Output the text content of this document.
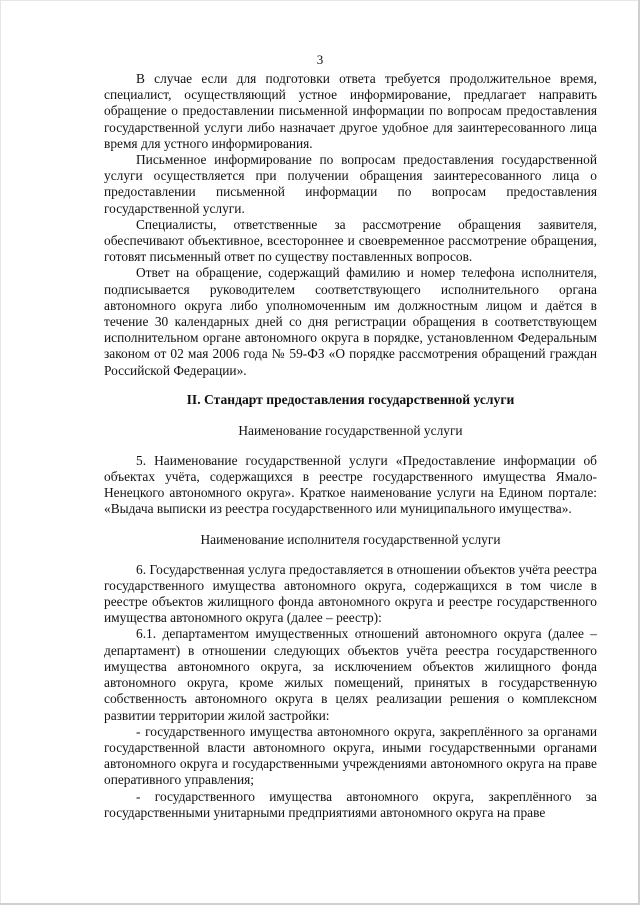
3

В случае если для подготовки ответа требуется продолжительное время, специалист, осуществляющий устное информирование, предлагает направить обращение о предоставлении письменной информации по вопросам предоставления государственной услуги либо назначает другое удобное для заинтересованного лица время для устного информирования.

Письменное информирование по вопросам предоставления государственной услуги осуществляется при получении обращения заинтересованного лица о предоставлении письменной информации по вопросам предоставления государственной услуги.

Специалисты, ответственные за рассмотрение обращения заявителя, обеспечивают объективное, всестороннее и своевременное рассмотрение обращения, готовят письменный ответ по существу поставленных вопросов.

Ответ на обращение, содержащий фамилию и номер телефона исполнителя, подписывается руководителем соответствующего исполнительного органа автономного округа либо уполномоченным им должностным лицом и даётся в течение 30 календарных дней со дня регистрации обращения в соответствующем исполнительном органе автономного округа в порядке, установленном Федеральным законом от 02 мая 2006 года № 59-ФЗ «О порядке рассмотрения обращений граждан Российской Федерации».

II. Стандарт предоставления государственной услуги
Наименование государственной услуги

5. Наименование государственной услуги «Предоставление информации об объектах учёта, содержащихся в реестре государственного имущества Ямало-Ненецкого автономного округа». Краткое наименование услуги на Едином портале: «Выдача выписки из реестра государственного или муниципального имущества».

Наименование исполнителя государственной услуги

6. Государственная услуга предоставляется в отношении объектов учёта реестра государственного имущества автономного округа, содержащихся в том числе в реестре объектов жилищного фонда автономного округа и реестре государственного имущества автономного округа (далее – реестр):

6.1. департаментом имущественных отношений автономного округа (далее – департамент) в отношении следующих объектов учёта реестра государственного имущества автономного округа, за исключением объектов жилищного фонда автономного округа, кроме жилых помещений, принятых в государственную собственность автономного округа в целях реализации решения о комплексном развитии территории жилой застройки:

- государственного имущества автономного округа, закреплённого за органами государственной власти автономного округа, иными государственными органами автономного округа и государственными учреждениями автономного округа на праве оперативного управления;

- государственного имущества автономного округа, закреплённого за государственными унитарными предприятиями автономного округа на праве
